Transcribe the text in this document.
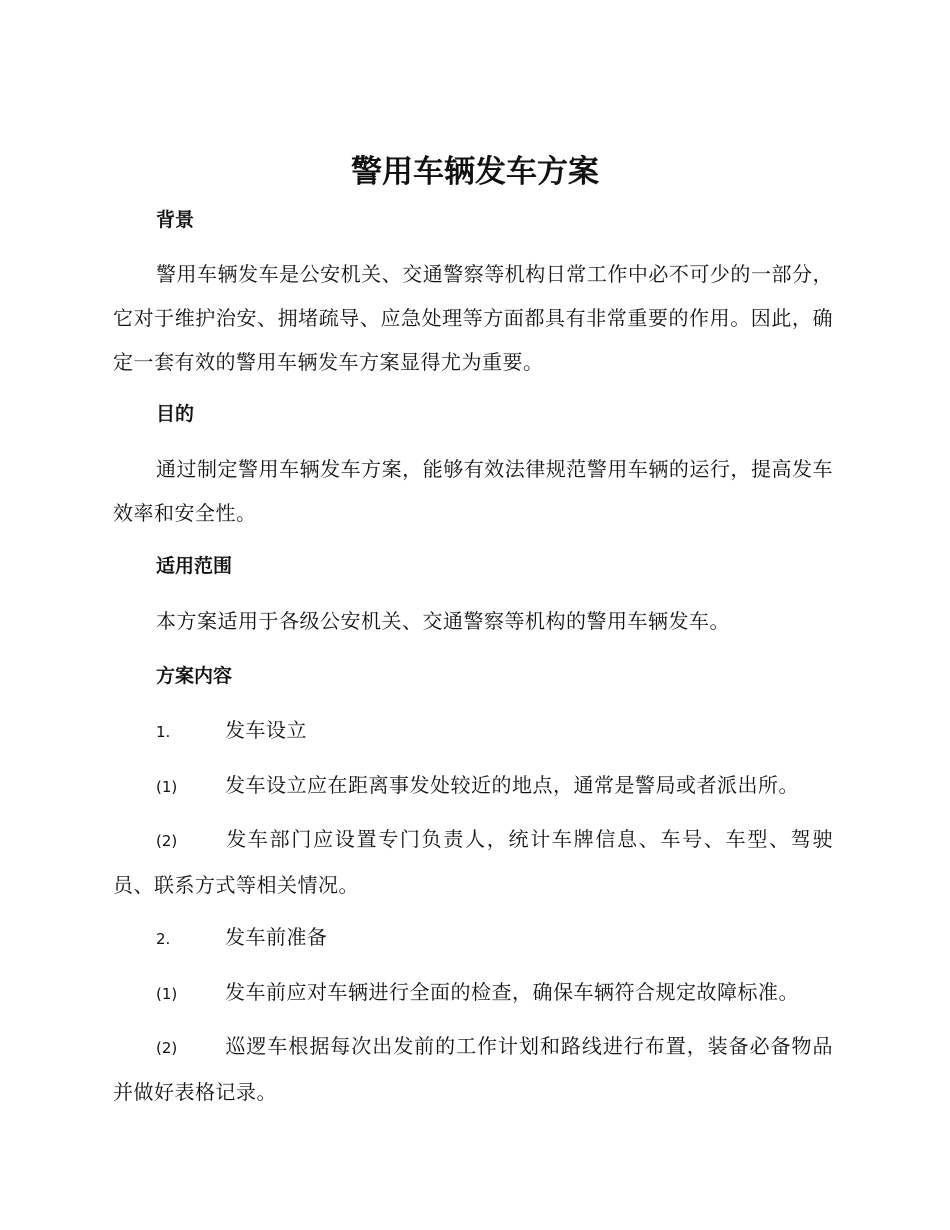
警用车辆发车方案
背景

警用车辆发车是公安机关、交通警察等机构日常工作中必不可少的一部分，它对于维护治安、拥堵疏导、应急处理等方面都具有非常重要的作用。因此，确定一套有效的警用车辆发车方案显得尤为重要。

目的

通过制定警用车辆发车方案，能够有效法律规范警用车辆的运行，提高发车效率和安全性。

适用范围

本方案适用于各级公安机关、交通警察等机构的警用车辆发车。

方案内容

1.	发车设立

(1) 发车设立应在距离事发处较近的地点，通常是警局或者派出所。

(2) 发车部门应设置专门负责人，统计车牌信息、车号、车型、驾驶员、联系方式等相关情况。

2.	发车前准备

(1) 发车前应对车辆进行全面的检查，确保车辆符合规定故障标准。

(2) 巡逻车根据每次出发前的工作计划和路线进行布置，装备必备物品并做好表格记录。
